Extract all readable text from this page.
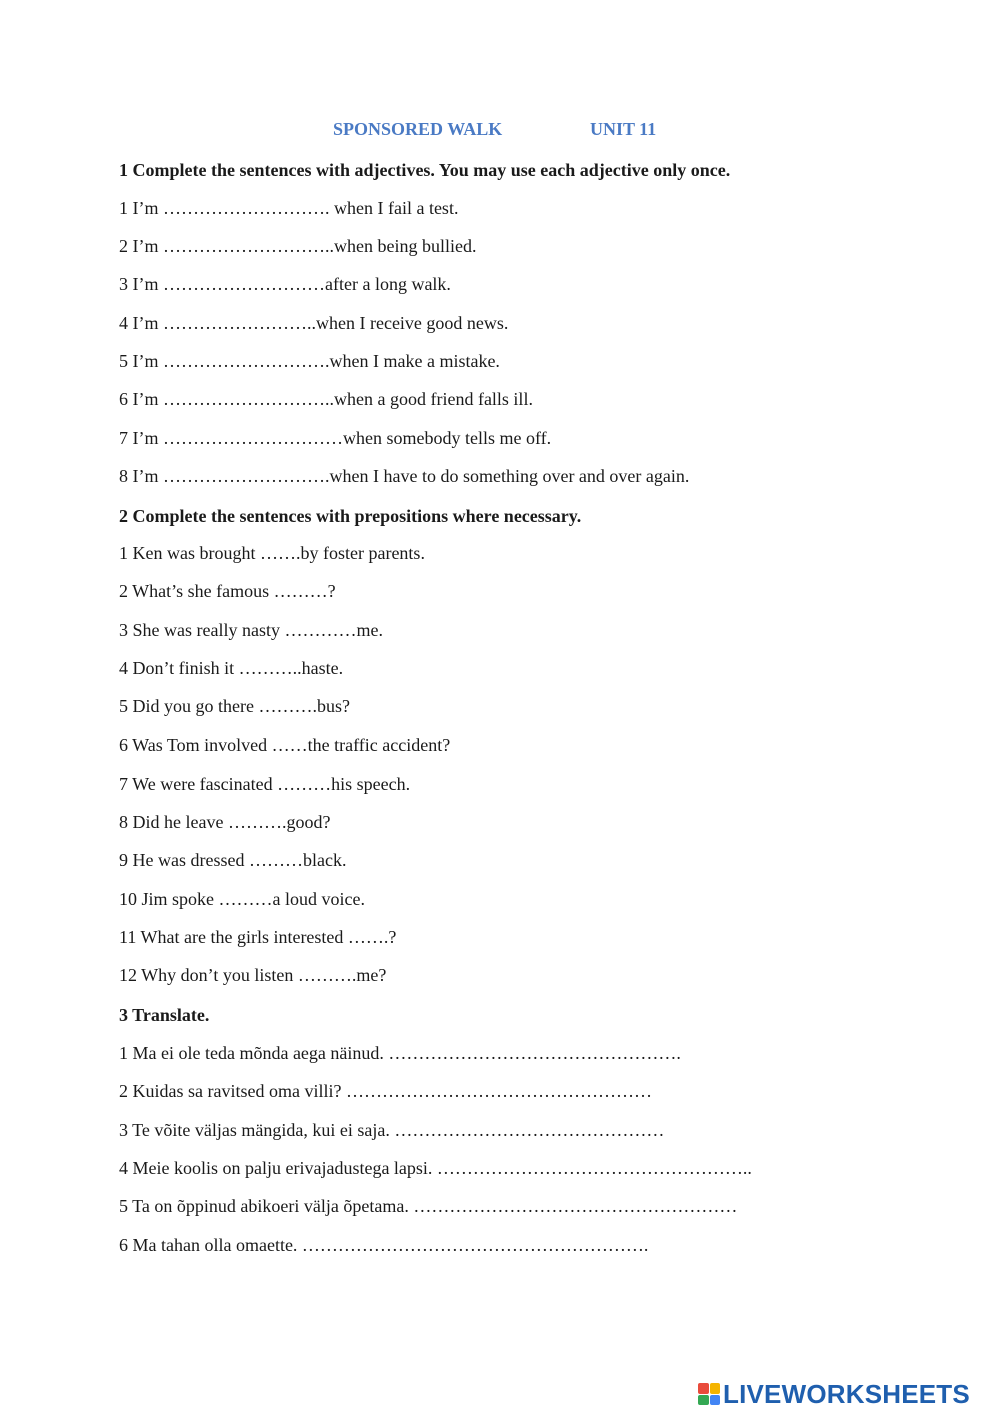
SPONSORED WALK	UNIT 11
1 Complete the sentences with adjectives. You may use each adjective only once.
1 I’m ………………………. when I fail a test.
2 I’m ………………………..when being bullied.
3 I’m ………………………after a long walk.
4 I’m ……………………..when I receive good news.
5 I’m ……………………….when I make a mistake.
6 I’m ………………………..when a good friend falls ill.
7 I’m …………………………when somebody tells me off.
8 I’m ……………………….when I have to do something over and over again.
2 Complete the sentences with prepositions where necessary.
1 Ken was brought …….by foster parents.
2 What’s she famous ………?
3 She was really nasty …………me.
4 Don’t finish it ………..haste.
5 Did you go there ……….bus?
6 Was Tom involved ……the traffic accident?
7 We were fascinated ………his speech.
8 Did he leave ……….good?
9 He was dressed ………black.
10 Jim spoke ………a loud voice.
11 What are the girls interested …….?
12 Why don’t you listen ……….me?
3 Translate.
1 Ma ei ole teda mõnda aega näinud. ………………………………………….
2 Kuidas sa ravitsed oma villi? ……………………………………………
3 Te võite väljas mängida, kui ei saja. ………………………………………
4 Meie koolis on palju erivajadustega lapsi. ……………………………………………..
5 Ta on õppinud abikoeri välja õpetama. ………………………………………………
6 Ma tahan olla omaette. ………………………………………………….
LIVEWORKSHEETS
